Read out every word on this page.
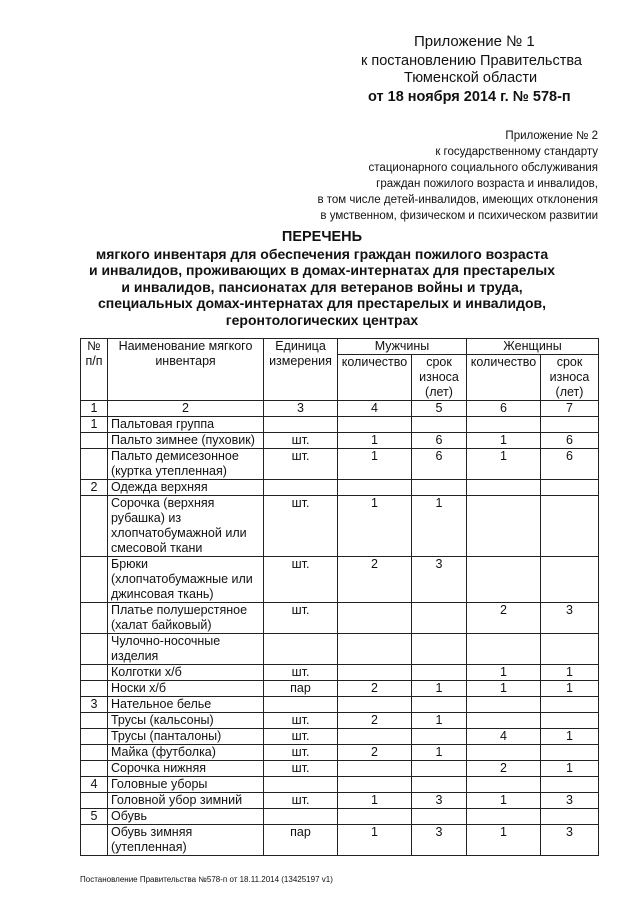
Приложение № 1
к постановлению Правительства
Тюменской области
от 18 ноября 2014 г. № 578-п
Приложение № 2
к государственному стандарту
стационарного социального обслуживания
граждан пожилого возраста и инвалидов,
в том числе детей-инвалидов, имеющих отклонения
в умственном, физическом и психическом развитии
ПЕРЕЧЕНЬ
мягкого инвентаря для обеспечения граждан пожилого возраста
и инвалидов, проживающих в домах-интернатах для престарелых
и инвалидов, пансионатах для ветеранов войны и труда,
специальных домах-интернатах для престарелых и инвалидов,
геронтологических центрах
№ п/п	Наименование мягкого инвентаря	Единица измерения	Мужчины		Женщины	
			количество	срок износа (лет)	количество	срок износа (лет)
1	2	3	4	5	6	7
1	Пальтовая группа					
	Пальто зимнее (пуховик)	шт.	1	6	1	6
	Пальто демисезонное (куртка утепленная)	шт.	1	6	1	6
2	Одежда верхняя					
	Сорочка (верхняя рубашка) из хлопчатобумажной или смесовой ткани	шт.	1	1		
	Брюки (хлопчатобумажные или джинсовая ткань)	шт.	2	3		
	Платье полушерстяное (халат байковый)	шт.			2	3
	Чулочно-носочные изделия					
	Колготки х/б	шт.			1	1
	Носки х/б	пар	2	1	1	1
3	Нательное белье					
	Трусы (кальсоны)	шт.	2	1		
	Трусы (панталоны)	шт.			4	1
	Майка (футболка)	шт.	2	1		
	Сорочка нижняя	шт.			2	1
4	Головные уборы					
	Головной убор зимний	шт.	1	3	1	3
5	Обувь					
	Обувь зимняя (утепленная)	пар	1	3	1	3
Постановление Правительства №578-п от 18.11.2014 (13425197 v1)
